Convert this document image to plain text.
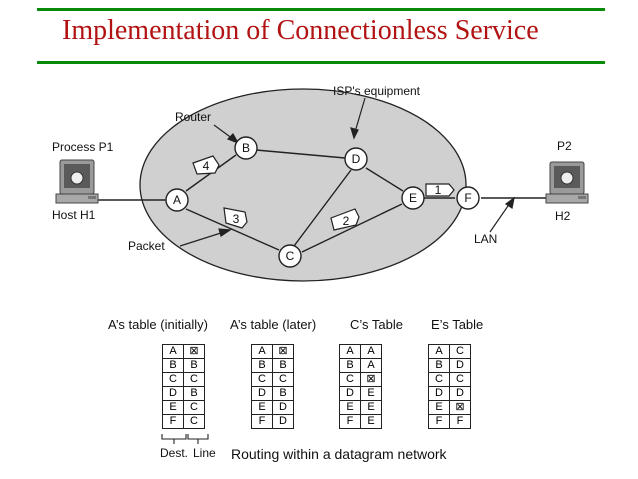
Implementation of Connectionless Service
1
2
3
4
A
B
C
D
E	F
ISP's equipment
Router
Process P1
Host H1
P2
H2
Packet	LAN
A’s table (initially) A’s table (later)	C’s Table E’s Table
A	⊠
B	B
C	C
D	B
E	C
F	C
A	⊠
B	B
C	C
D	B
E	D
F	D
A	A
B	A
C	⊠
D	E
E	E
F	E
A	C
B	D
C	C
D	D
E	⊠
F	F
Dest. Line Routing within a datagram network
